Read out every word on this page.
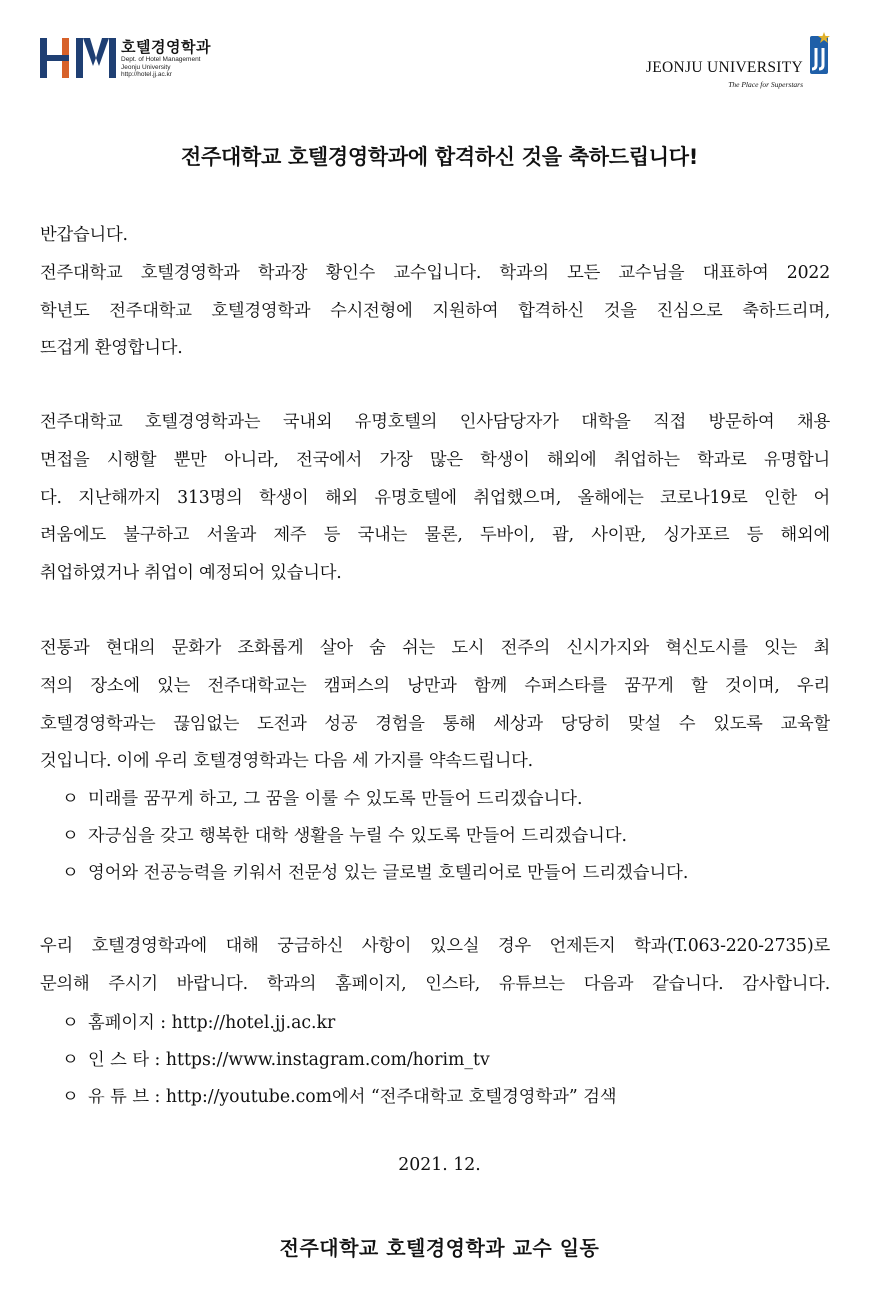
호텔경영학과
Dept. of Hotel Management
Jeonju University
http://hotel.jj.ac.kr	JEONJU UNIVERSITY
The Place for Superstars
전주대학교 호텔경영학과에 합격하신 것을 축하드립니다!
반갑습니다.
전주대학교 호텔경영학과 학과장 황인수 교수입니다. 학과의 모든 교수님을 대표하여 2022
학년도 전주대학교 호텔경영학과 수시전형에 지원하여 합격하신 것을 진심으로 축하드리며,
뜨겁게 환영합니다.
전주대학교 호텔경영학과는 국내외 유명호텔의 인사담당자가 대학을 직접 방문하여 채용
면접을 시행할 뿐만 아니라, 전국에서 가장 많은 학생이 해외에 취업하는 학과로 유명합니
다. 지난해까지 313명의 학생이 해외 유명호텔에 취업했으며, 올해에는 코로나19로 인한 어
려움에도 불구하고 서울과 제주 등 국내는 물론, 두바이, 괌, 사이판, 싱가포르 등 해외에
취업하였거나 취업이 예정되어 있습니다.
전통과 현대의 문화가 조화롭게 살아 숨 쉬는 도시 전주의 신시가지와 혁신도시를 잇는 최
적의 장소에 있는 전주대학교는 캠퍼스의 낭만과 함께 수퍼스타를 꿈꾸게 할 것이며, 우리
호텔경영학과는 끊임없는 도전과 성공 경험을 통해 세상과 당당히 맞설 수 있도록 교육할
것입니다. 이에 우리 호텔경영학과는 다음 세 가지를 약속드립니다.
ㅇ 미래를 꿈꾸게 하고, 그 꿈을 이룰 수 있도록 만들어 드리겠습니다.
ㅇ 자긍심을 갖고 행복한 대학 생활을 누릴 수 있도록 만들어 드리겠습니다.
ㅇ 영어와 전공능력을 키워서 전문성 있는 글로벌 호텔리어로 만들어 드리겠습니다.
우리 호텔경영학과에 대해 궁금하신 사항이 있으실 경우 언제든지 학과(T.063-220-2735)로
문의해 주시기 바랍니다. 학과의 홈페이지, 인스타, 유튜브는 다음과 같습니다. 감사합니다.
ㅇ 홈페이지 : http://hotel.jj.ac.kr
ㅇ 인 스 타 : https://www.instagram.com/horim_tv
ㅇ 유 튜 브 : http://youtube.com에서 “전주대학교 호텔경영학과” 검색
2021. 12.
전주대학교 호텔경영학과 교수 일동
